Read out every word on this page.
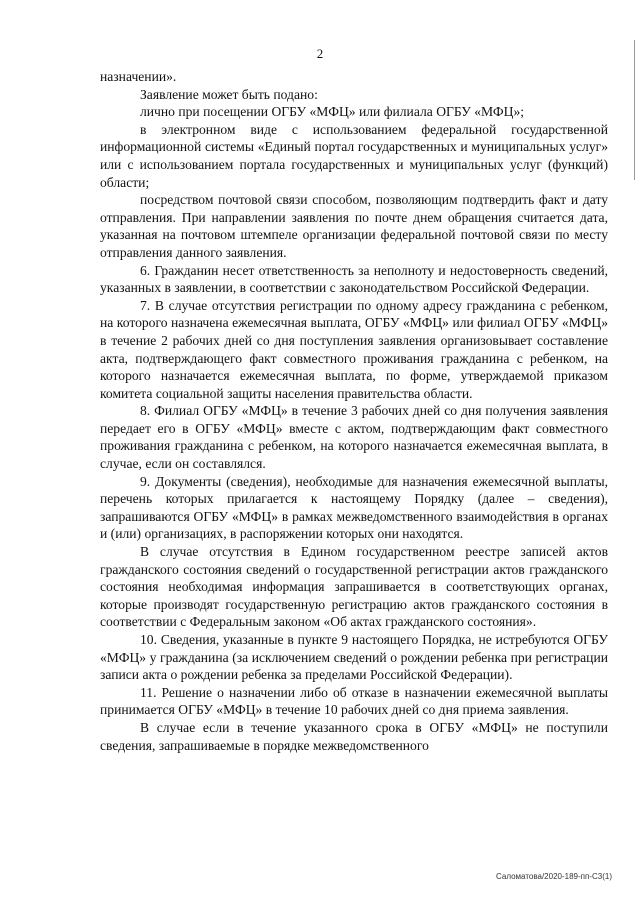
2

назначении».

Заявление может быть подано:

лично при посещении ОГБУ «МФЦ» или филиала ОГБУ «МФЦ»;

в электронном виде с использованием федеральной государственной информационной системы «Единый портал государственных и муниципальных услуг» или с использованием портала государственных и муниципальных услуг (функций) области;

посредством почтовой связи способом, позволяющим подтвердить факт и дату отправления. При направлении заявления по почте днем обращения считается дата, указанная на почтовом штемпеле организации федеральной почтовой связи по месту отправления данного заявления.

6. Гражданин несет ответственность за неполноту и недостоверность сведений, указанных в заявлении, в соответствии с законодательством Российской Федерации.

7. В случае отсутствия регистрации по одному адресу гражданина с ребенком, на которого назначена ежемесячная выплата, ОГБУ «МФЦ» или филиал ОГБУ «МФЦ» в течение 2 рабочих дней со дня поступления заявления организовывает составление акта, подтверждающего факт совместного проживания гражданина с ребенком, на которого назначается ежемесячная выплата, по форме, утверждаемой приказом комитета социальной защиты населения правительства области.

8. Филиал ОГБУ «МФЦ» в течение 3 рабочих дней со дня получения заявления передает его в ОГБУ «МФЦ» вместе с актом, подтверждающим факт совместного проживания гражданина с ребенком, на которого назначается ежемесячная выплата, в случае, если он составлялся.

9. Документы (сведения), необходимые для назначения ежемесячной выплаты, перечень которых прилагается к настоящему Порядку (далее – сведения), запрашиваются ОГБУ «МФЦ» в рамках межведомственного взаимодействия в органах и (или) организациях, в распоряжении которых они находятся.

В случае отсутствия в Едином государственном реестре записей актов гражданского состояния сведений о государственной регистрации актов гражданского состояния необходимая информация запрашивается в соответствующих органах, которые производят государственную регистрацию актов гражданского состояния в соответствии с Федеральным законом «Об актах гражданского состояния».

10. Сведения, указанные в пункте 9 настоящего Порядка, не истребуются ОГБУ «МФЦ» у гражданина (за исключением сведений о рождении ребенка при регистрации записи акта о рождении ребенка за пределами Российской Федерации).

11. Решение о назначении либо об отказе в назначении ежемесячной выплаты принимается ОГБУ «МФЦ» в течение 10 рабочих дней со дня приема заявления.

В случае если в течение указанного срока в ОГБУ «МФЦ» не поступили сведения, запрашиваемые в порядке межведомственного

Саломатова/2020-189-пп-С3(1)
